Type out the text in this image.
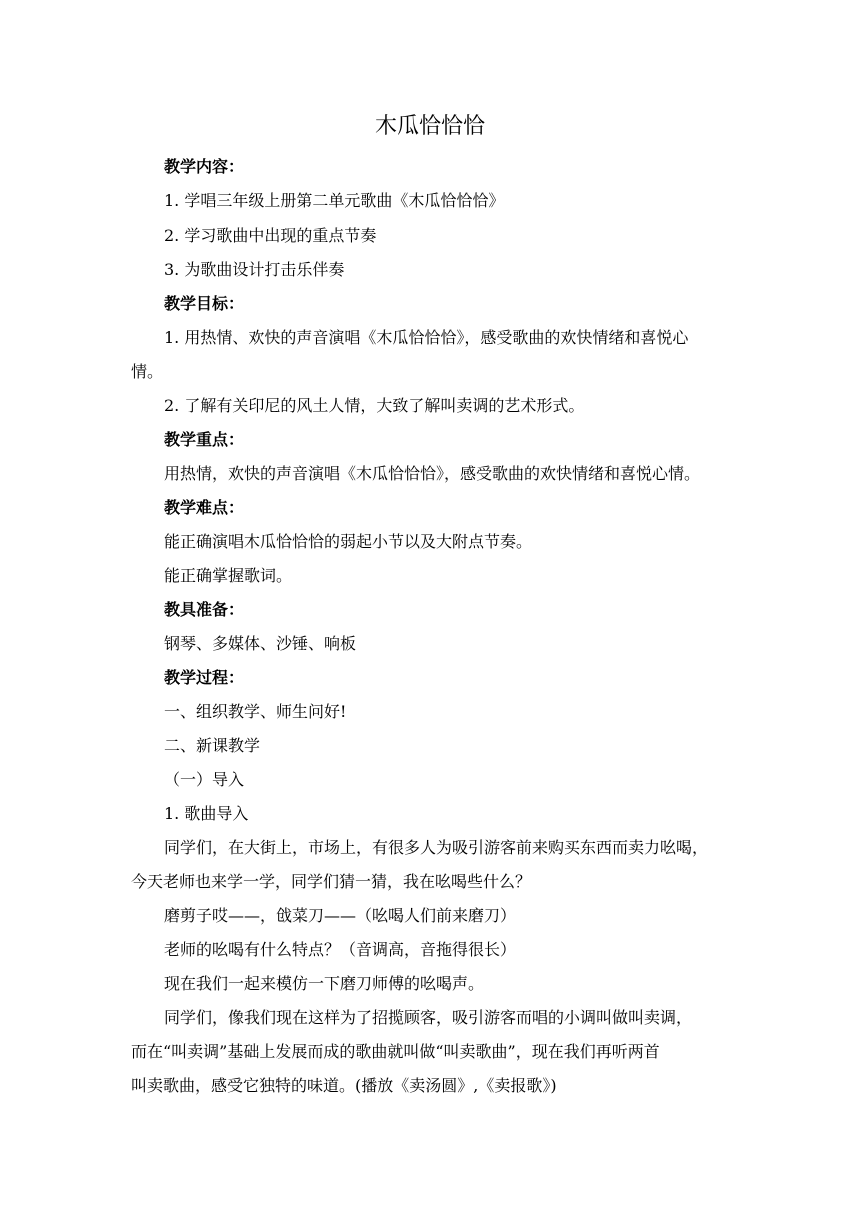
木瓜恰恰恰
教学内容：
1. 学唱三年级上册第二单元歌曲《木瓜恰恰恰》
2. 学习歌曲中出现的重点节奏
3. 为歌曲设计打击乐伴奏
教学目标：
1. 用热情、欢快的声音演唱《木瓜恰恰恰》，感受歌曲的欢快情绪和喜悦心
情。
2. 了解有关印尼的风土人情，大致了解叫卖调的艺术形式。
教学重点：
用热情，欢快的声音演唱《木瓜恰恰恰》，感受歌曲的欢快情绪和喜悦心情。
教学难点：
能正确演唱木瓜恰恰恰的弱起小节以及大附点节奏。
能正确掌握歌词。
教具准备：
钢琴、多媒体、沙锤、响板
教学过程：
一、组织教学、师生问好!
二、新课教学
（一）导入
1. 歌曲导入
同学们，在大街上，市场上，有很多人为吸引游客前来购买东西而卖力吆喝，
今天老师也来学一学，同学们猜一猜，我在吆喝些什么？
磨剪子哎——，戗菜刀——（吆喝人们前来磨刀）
老师的吆喝有什么特点？（音调高，音拖得很长）
现在我们一起来模仿一下磨刀师傅的吆喝声。
同学们，像我们现在这样为了招揽顾客，吸引游客而唱的小调叫做叫卖调，
而在“叫卖调”基础上发展而成的歌曲就叫做“叫卖歌曲”，现在我们再听两首
叫卖歌曲，感受它独特的味道。(播放《卖汤圆》,《卖报歌》)
